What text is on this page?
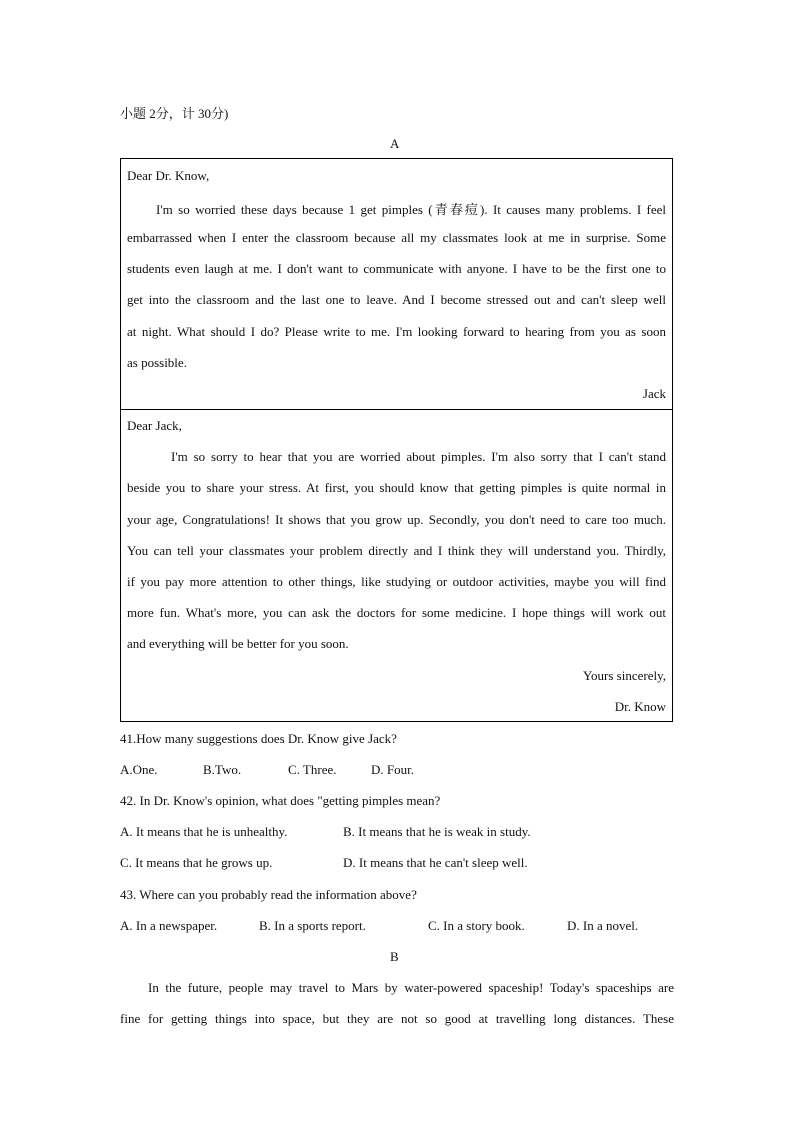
小题 2分，计 30分)
A
Dear Dr. Know,
I'm so worried these days because 1 get pimples (青春痘). It causes many problems. I feel
embarrassed when I enter the classroom because all my classmates look at me in surprise. Some
students even laugh at me. I don't want to communicate with anyone. I have to be the first one to
get into the classroom and the last one to leave. And I become stressed out and can't sleep well
at night. What should I do? Please write to me. I'm looking forward to hearing from you as soon
as possible.
Jack
Dear Jack,
I'm so sorry to hear that you are worried about pimples. I'm also sorry that I can't stand
beside you to share your stress. At first, you should know that getting pimples is quite normal in
your age, Congratulations! It shows that you grow up. Secondly, you don't need to care too much.
You can tell your classmates your problem directly and I think they will understand you. Thirdly,
if you pay more attention to other things, like studying or outdoor activities, maybe you will find
more fun. What's more, you can ask the doctors for some medicine. I hope things will work out
and everything will be better for you soon.
Yours sincerely,
Dr. Know
41.How many suggestions does Dr. Know give Jack?
A.One.	B.Two.	C. Three.	D. Four.
42. In Dr. Know's opinion, what does "getting pimples mean?
A. It means that he is unhealthy.	B. It means that he is weak in study.
C. It means that he grows up.	D. It means that he can't sleep well.
43. Where can you probably read the information above?
A. In a newspaper.	B. In a sports report.	C. In a story book.	D. In a novel.
B
In the future, people may travel to Mars by water-powered spaceship! Today's spaceships are
fine for getting things into space, but they are not so good at travelling long distances. These
